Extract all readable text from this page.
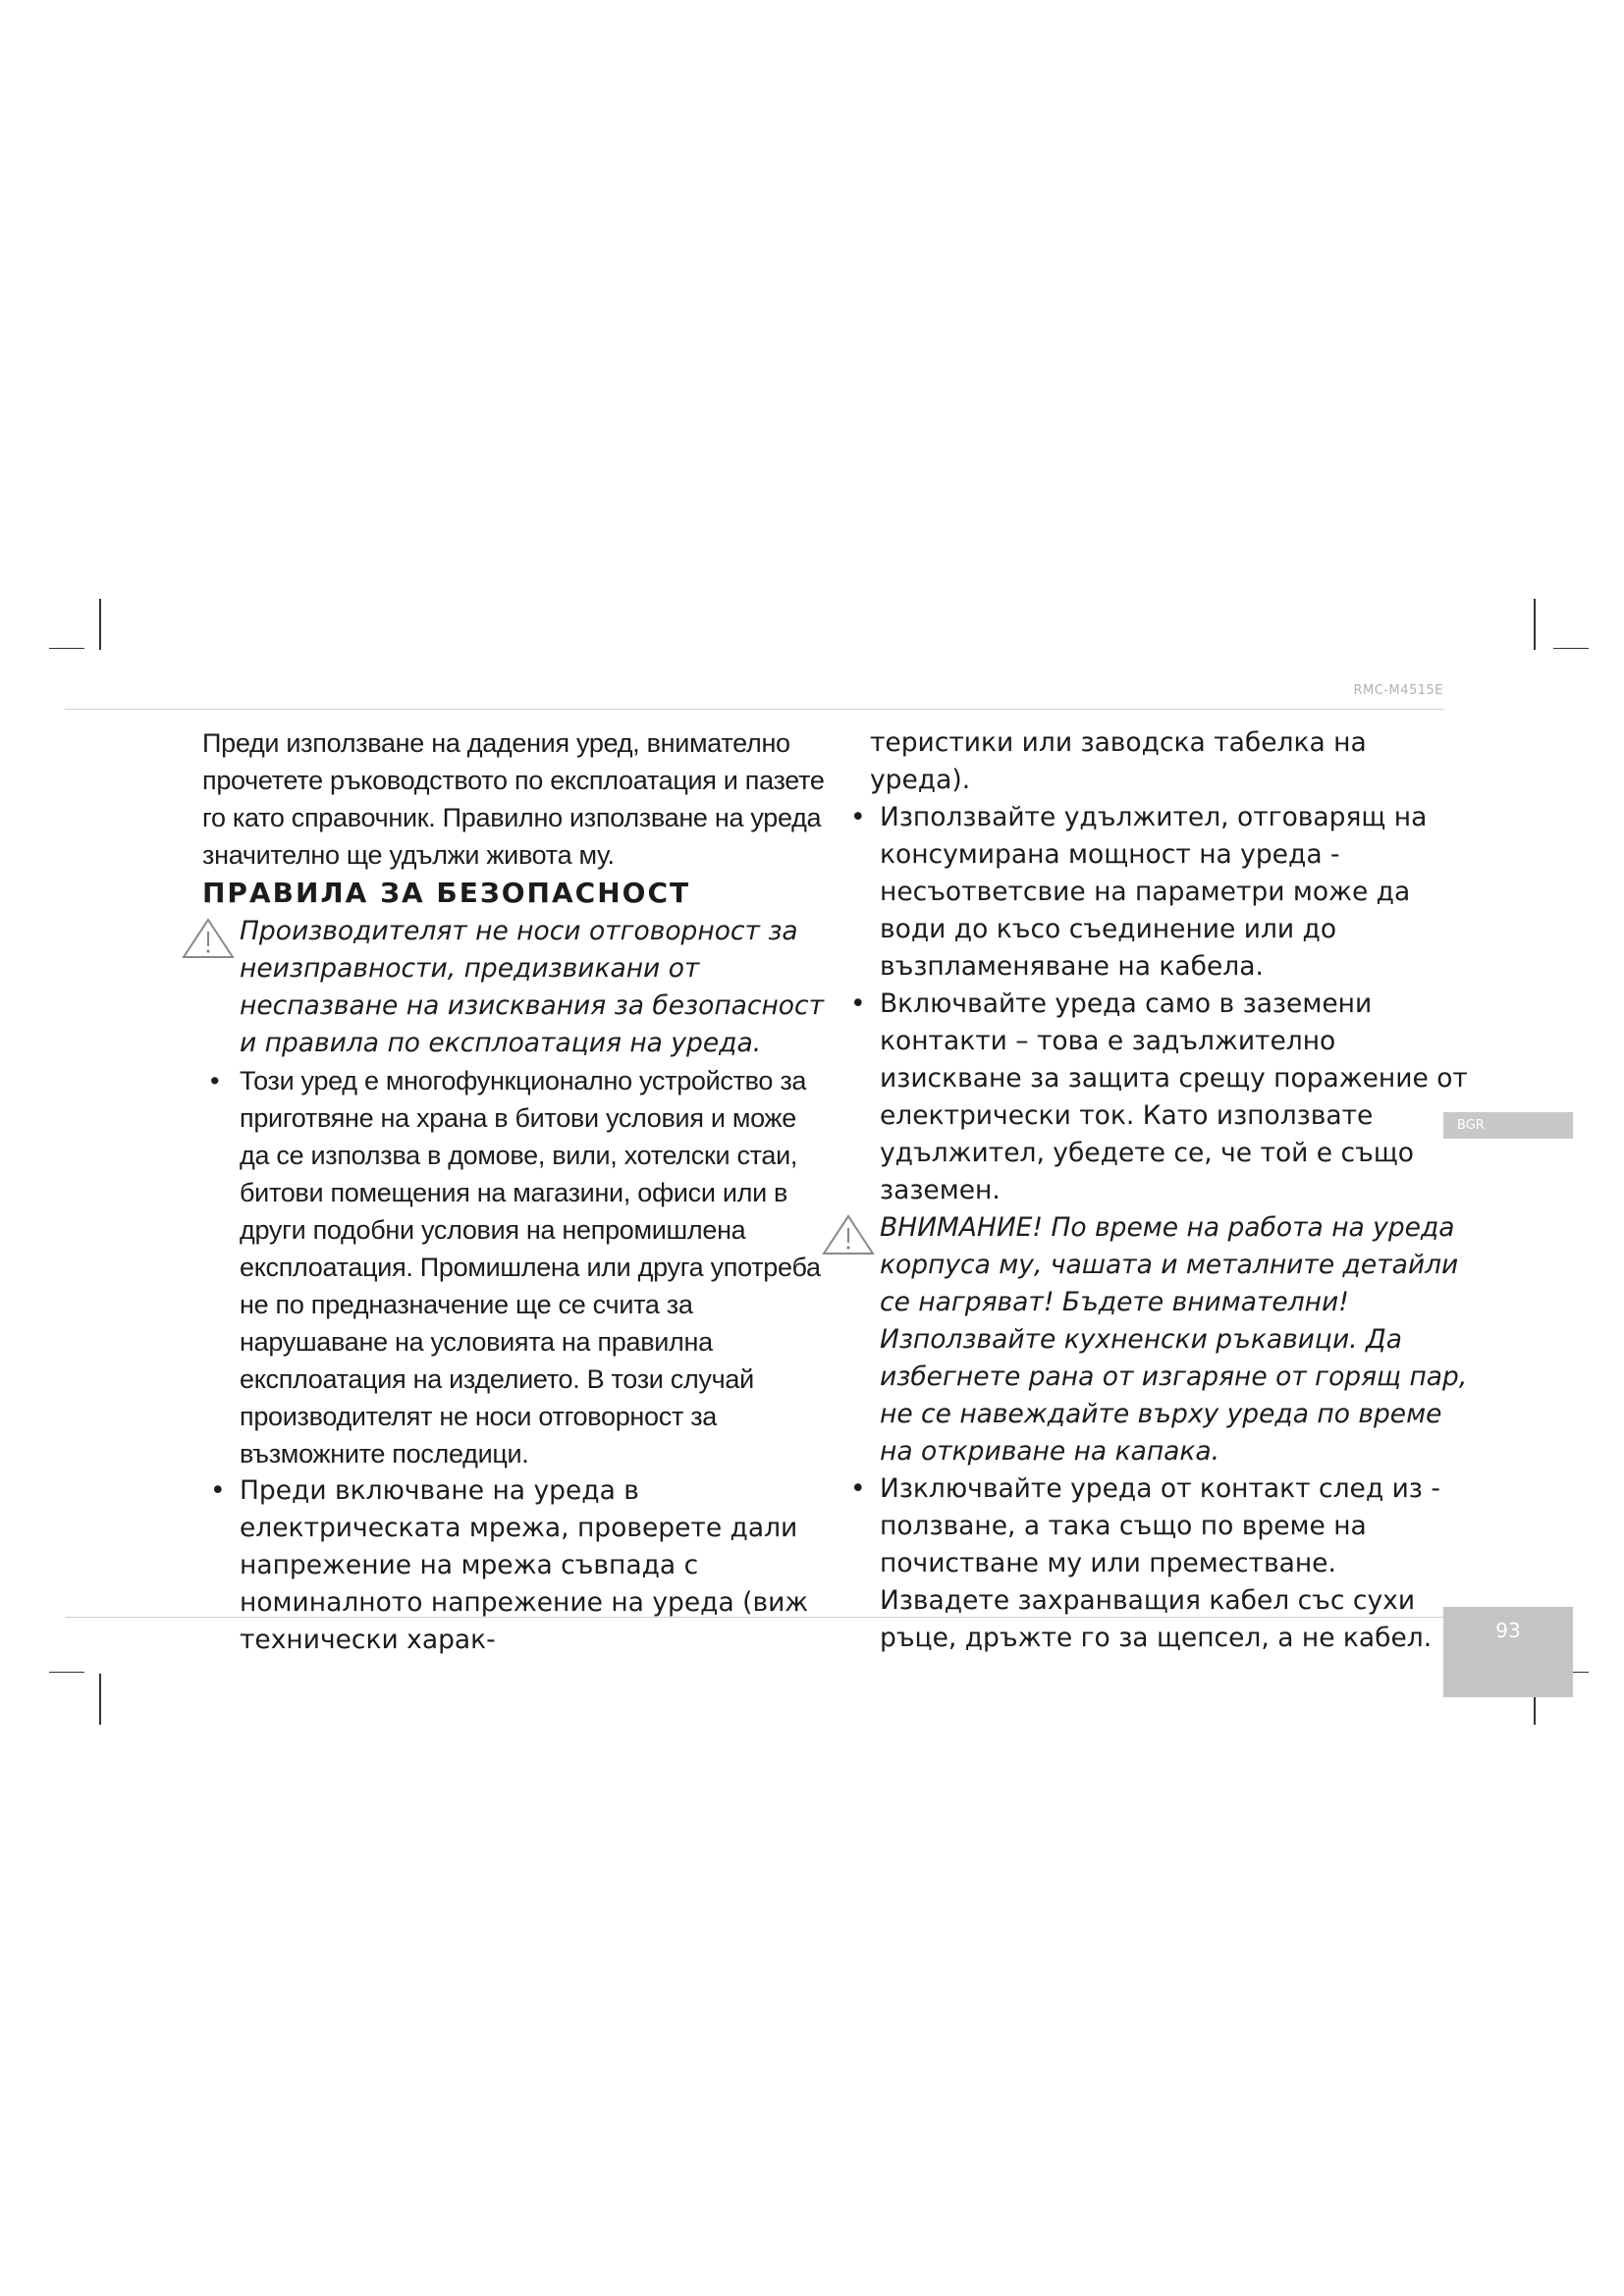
RMC-M4515E
BGR
93

Преди използване на дадения уред, внимателно прочетете ръководството по експлоатация и пазете го като справочник. Правилно използване на уреда значително ще удължи живота му.

ПРАВИЛА ЗА БЕЗОПАСНОСТ

Производителят не носи отговорност за неизправности, предизвикани от неспазване на изисквания за безопасност и правила по експлоатация на уреда.

• Този уред е многофункционално устройство за приготвяне на храна в битови условия и може да се използва в домове, вили, хотелски стаи, битови помещения на магазини, офиси или в други подобни условия на непромишлена експлоатация. Промишлена или друга употреба не по предназначение ще се счита за нарушаване на условията на правилна експлоатация на изделието. В този случай производителят не носи отговорност за възможните последици.

• Преди включване на уреда в електрическата мрежа, проверете дали напрежение на мрежа съвпада с номиналното напрежение на уреда (виж технически харак-

теристики или заводска табелка на уреда).

• Използвайте удължител, отговарящ на консумирана мощност на уреда - несъответсвие на параметри може да води до късо съединение или до възпламеняване на кабела.

• Включвайте уреда само в заземени контакти – това е задължително изискване за защита срещу поражение от електрически ток. Като използвате удължител, убедете се, че той е също заземен.

ВНИМАНИЕ! По време на работа на уреда корпуса му, чашата и металните детайли се нагряват! Бъдете внимателни! Използвайте кухненски ръкавици. Да избегнете рана от изгаряне от горящ пар, не се навеждайте върху уреда по време на откриване на капака.

• Изключвайте уреда от контакт след из - ползване, а така също по време на почистване му или преместване. Извадете захранващия кабел със сухи ръце, дръжте го за щепсел, а не кабел.
